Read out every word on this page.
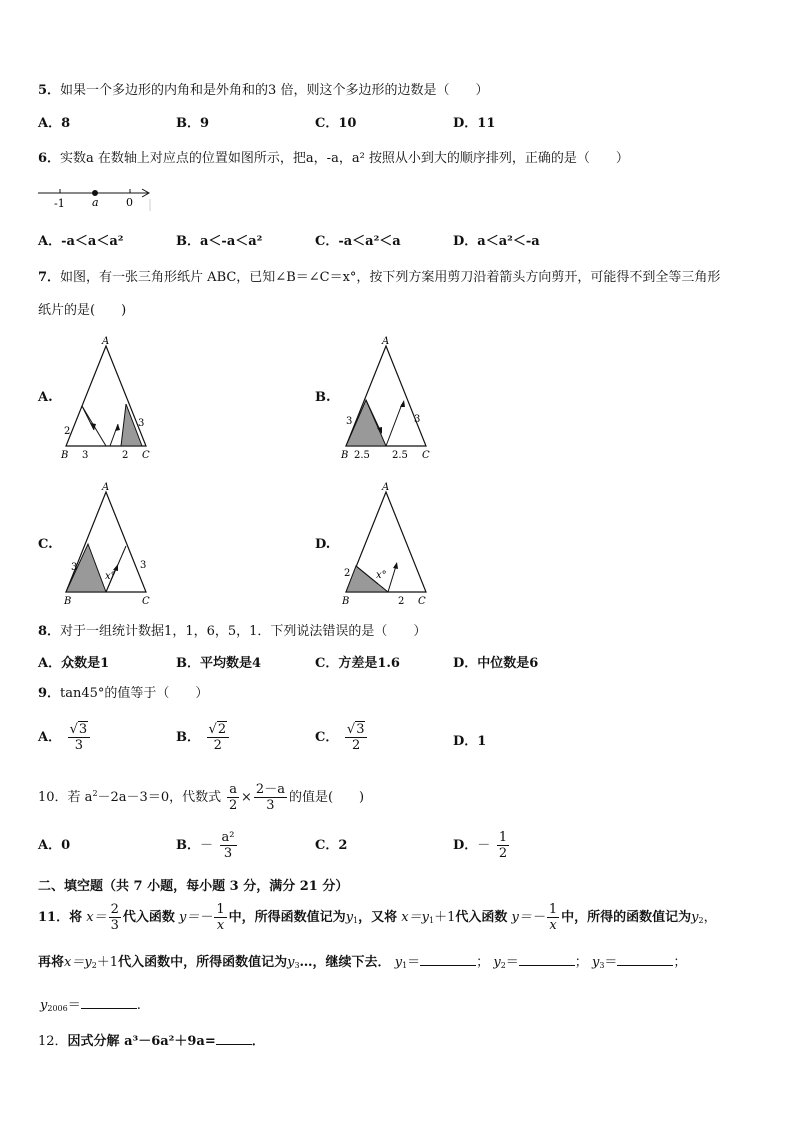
5．如果一个多边形的内角和是外角和的3 倍，则这个多边形的边数是（　　）
A．8	B．9	C．10	D．11
6．实数a 在数轴上对应点的位置如图所示，把a，-a，a² 按照从小到大的顺序排列，正确的是（　　）
-1 a 0
A．-a＜a＜a²	B．a＜-a＜a²	C．-a＜a²＜a	D．a＜a²＜-a
7．如图，有一张三角形纸片 ABC，已知∠B＝∠C＝x°，按下列方案用剪刀沿着箭头方向剪开，可能得不到全等三角形
纸片的是(　　)
A.
A
B	C
2
3	2
3
B.
A
B	C
3	3
2.5 2.5
C.
A
B	C
3	3
x°
D.
A
B	C
2
2
x°
8．对于一组统计数据1，1，6，5，1．下列说法错误的是（　　）
A．众数是1	B．平均数是4	C．方差是1.6	D．中位数是6
9．tan45°的值等于（　　）
A． $\frac{√3}{3}$	B． $\frac{√2}{2}$	C． $\frac{√3}{2}$	D．1
10．若 $a^2-2a-3=0$，代数式 $\frac{a}{2} \times \frac{2-a}{3}$ 的值是(　　)
A．0	B．－ $\frac{\text{a²}}{3}$	C．2	D．－ $\frac{1}{2}$
二、填空题（共 7 小题，每小题 3 分，满分 21 分）
11．将 $x= \frac{2}{3}$ 代入函数 $y=- \frac{1}{x}$ 中，所得函数值记为$y_1$，又将 $x=y_1+1$代入函数 $y=- \frac{1}{x}$ 中，所得的函数值记为$y_2$，
再将$x=y_2+1$代入函数中，所得函数值记为$y_3\dots$，继续下去． $y_1=$	； $y_2=$	； $y_3=$	；
$y_{2006}=$	.
12．因式分解 a³－6a²＋9a=	．
